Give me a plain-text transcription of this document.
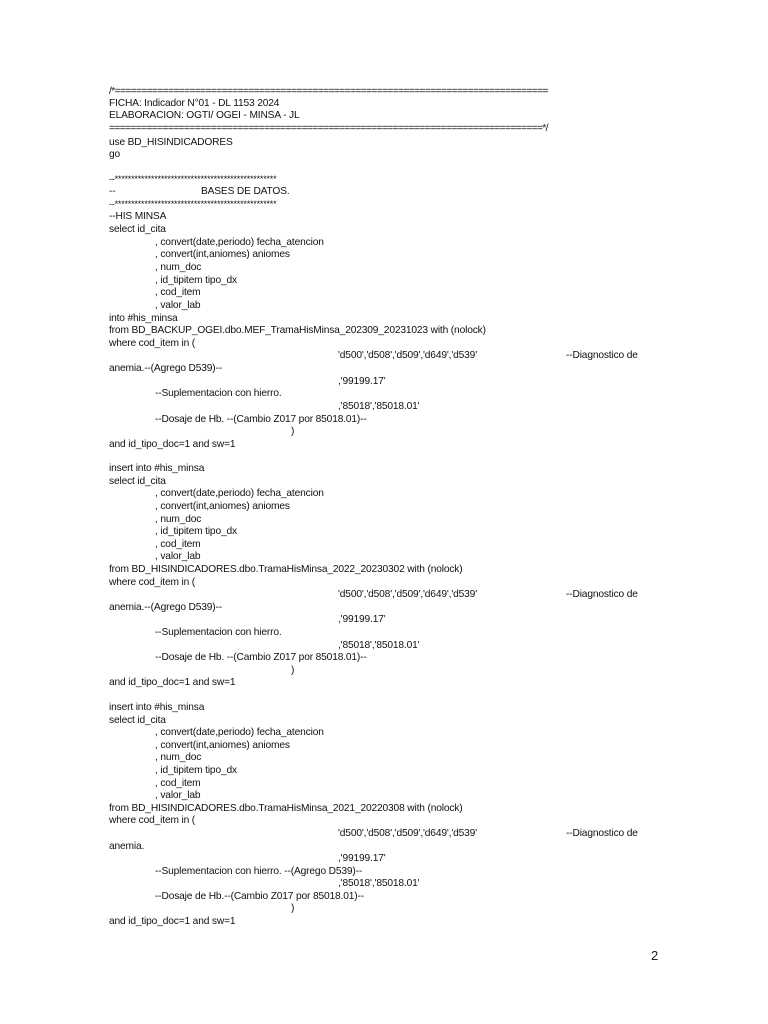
/*=================================================================================
FICHA: Indicador N°01 - DL 1153 2024
ELABORACION: OGTI/ OGEI - MINSA - JL
=================================================================================*/
use BD_HISINDICADORES
go
--*************************************************
--	BASES DE DATOS.
--*************************************************
--HIS MINSA
select id_cita
, convert(date,periodo) fecha_atencion
, convert(int,aniomes) aniomes
, num_doc
, id_tipitem tipo_dx
, cod_item
, valor_lab
into #his_minsa
from BD_BACKUP_OGEI.dbo.MEF_TramaHisMinsa_202309_20231023 with (nolock)
where cod_item in (
'd500','d508','d509','d649','d539'	--Diagnostico de
anemia.--(Agrego D539)--
,'99199.17'
--Suplementacion con hierro.
,'85018','85018.01'
--Dosaje de Hb. --(Cambio Z017 por 85018.01)--
)
and id_tipo_doc=1 and sw=1
insert into #his_minsa
select id_cita
, convert(date,periodo) fecha_atencion
, convert(int,aniomes) aniomes
, num_doc
, id_tipitem tipo_dx
, cod_item
, valor_lab
from BD_HISINDICADORES.dbo.TramaHisMinsa_2022_20230302 with (nolock)
where cod_item in (
'd500','d508','d509','d649','d539'	--Diagnostico de
anemia.--(Agrego D539)--
,'99199.17'
--Suplementacion con hierro.
,'85018','85018.01'
--Dosaje de Hb. --(Cambio Z017 por 85018.01)--
)
and id_tipo_doc=1 and sw=1
insert into #his_minsa
select id_cita
, convert(date,periodo) fecha_atencion
, convert(int,aniomes) aniomes
, num_doc
, id_tipitem tipo_dx
, cod_item
, valor_lab
from BD_HISINDICADORES.dbo.TramaHisMinsa_2021_20220308 with (nolock)
where cod_item in (
'd500','d508','d509','d649','d539'	--Diagnostico de
anemia.
,'99199.17'
--Suplementacion con hierro. --(Agrego D539)--
,'85018','85018.01'
--Dosaje de Hb.--(Cambio Z017 por 85018.01)--
)
and id_tipo_doc=1 and sw=1
2
